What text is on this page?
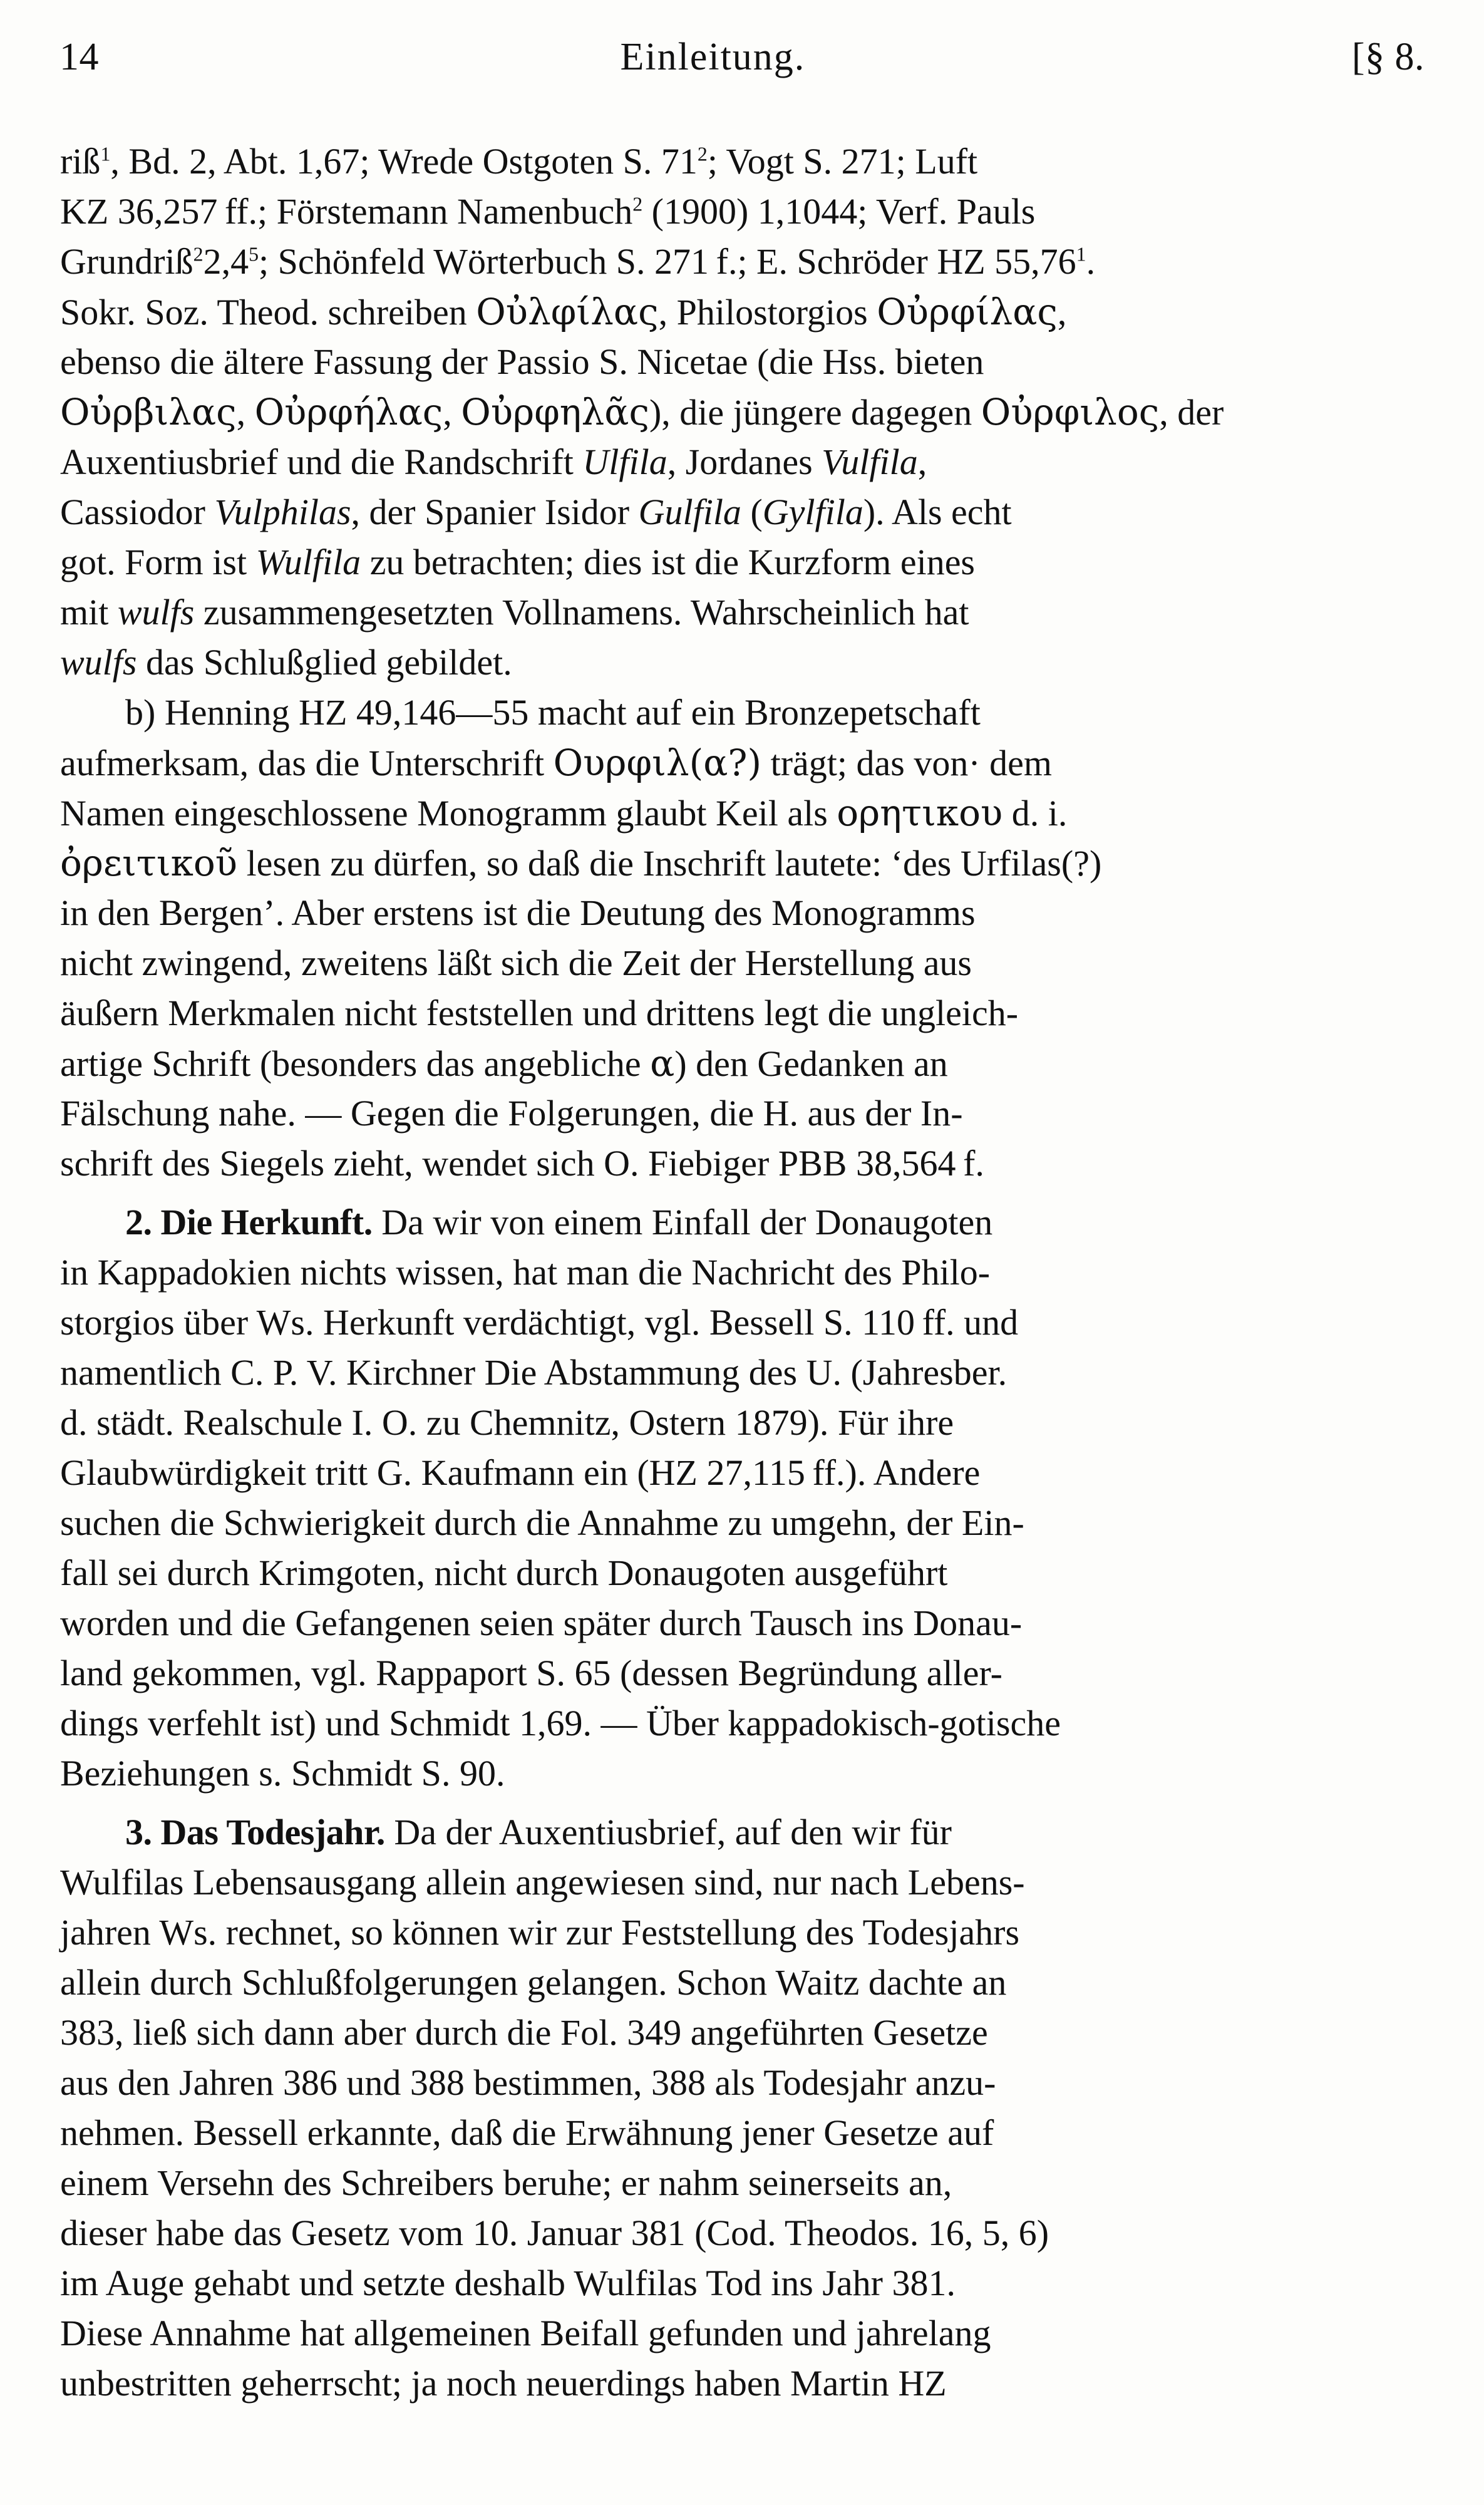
14	Einleitung.	[§ 8.
riß$^1$, Bd. 2, Abt. 1,67; Wrede Ostgoten S. $71^2$; Vogt S. 271; Luft
KZ 36,257 ff.; Förstemann Namenbuch$^2$ (1900) 1,1044; Verf. Pauls
$Grundriß^22,4^5$; Schönfeld Wörterbuch S. 271 f.; E. Schröder HZ 55,76$^1$.
Sokr. Soz. Theod. schreiben Oὐλφίλας, Philostorgios Oὐρφίλας,
ebenso die ältere Fassung der Passio S. Nicetae (die Hss. bieten
Oὐρβιλας, Oὐρφήλας, Oὐρφηλᾶς), die jüngere dagegen Oὐρφιλος, der
Auxentiusbrief und die Randschrift Ulfila, Jordanes Vulfila,
Cassiodor Vulphilas, der Spanier Isidor Gulfila (Gylfila). Als echt
got. Form ist Wulfila zu betrachten; dies ist die Kurzform eines
mit wulfs zusammengesetzten Vollnamens. Wahrscheinlich hat
wulfs das Schlußglied gebildet.
b) Henning HZ 49,146—55 macht auf ein Bronzepetschaft
aufmerksam, das die Unterschrift Ουρφιλ(α?) trägt; das von· dem
Namen eingeschlossene Monogramm glaubt Keil als ορητικου d. i.
ὀρειτικοῦ lesen zu dürfen, so daß die Inschrift lautete: ‘des Urfilas(?)
in den Bergen’. Aber erstens ist die Deutung des Monogramms
nicht zwingend, zweitens läßt sich die Zeit der Herstellung aus
äußern Merkmalen nicht feststellen und drittens legt die ungleich-
artige Schrift (besonders das angebliche α) den Gedanken an
Fälschung nahe. — Gegen die Folgerungen, die H. aus der In-
schrift des Siegels zieht, wendet sich O. Fiebiger PBB 38,564 f.
2. Die Herkunft. Da wir von einem Einfall der Donaugoten
in Kappadokien nichts wissen, hat man die Nachricht des Philo-
storgios über Ws. Herkunft verdächtigt, vgl. Bessell S. 110 ff. und
namentlich C. P. V. Kirchner Die Abstammung des U. (Jahresber.
d. städt. Realschule I. O. zu Chemnitz, Ostern 1879). Für ihre
Glaubwürdigkeit tritt G. Kaufmann ein (HZ 27,115 ff.). Andere
suchen die Schwierigkeit durch die Annahme zu umgehn, der Ein-
fall sei durch Krimgoten, nicht durch Donaugoten ausgeführt
worden und die Gefangenen seien später durch Tausch ins Donau-
land gekommen, vgl. Rappaport S. 65 (dessen Begründung aller-
dings verfehlt ist) und Schmidt 1,69. — Über kappadokisch-gotische
Beziehungen s. Schmidt S. 90.
3. Das Todesjahr. Da der Auxentiusbrief, auf den wir für
Wulfilas Lebensausgang allein angewiesen sind, nur nach Lebens-
jahren Ws. rechnet, so können wir zur Feststellung des Todesjahrs
allein durch Schlußfolgerungen gelangen. Schon Waitz dachte an
383, ließ sich dann aber durch die Fol. 349 angeführten Gesetze
aus den Jahren 386 und 388 bestimmen, 388 als Todesjahr anzu-
nehmen. Bessell erkannte, daß die Erwähnung jener Gesetze auf
einem Versehn des Schreibers beruhe; er nahm seinerseits an,
dieser habe das Gesetz vom 10. Januar 381 (Cod. Theodos. 16, 5, 6)
im Auge gehabt und setzte deshalb Wulfilas Tod ins Jahr 381.
Diese Annahme hat allgemeinen Beifall gefunden und jahrelang
unbestritten geherrscht; ja noch neuerdings haben Martin HZ
